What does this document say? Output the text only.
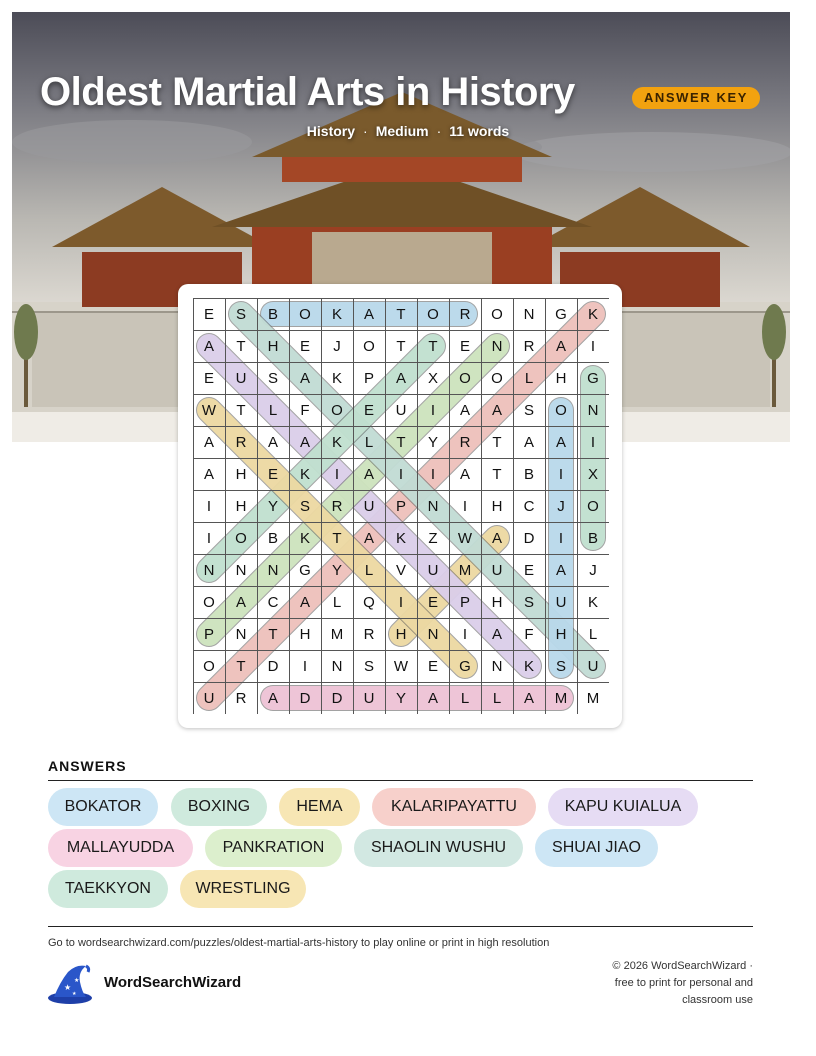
Oldest Martial Arts in History	ANSWER KEY
History · Medium · 11 words
E S B O K A T O R O N G K
A T H E J O T T E N R A I
E U S A K P A X O O L H G
W T L F O E U I A A S O N
A R A A K L T Y R T A A I
A H E K I A I I A T B I X
I H Y S R U P N I H C J O
I O B K T A K Z W A D I B
N N N G Y L V U M U E A J
O A C A L Q I E P H S U K
P N T H M R H N I A F H L
O T D I N S W E G N K S U
U R A D D U Y A L L A M M
ANSWERS
BOKATOR	BOXING	HEMA	KALARIPAYATTU	KAPU KUIALUA
MALLAYUDDA	PANKRATION	SHAOLIN WUSHU	SHUAI JIAO
TAEKKYON	WRESTLING
Go to wordsearchwizard.com/puzzles/oldest-martial-arts-history to play online or print in high resolution
★
★
★
WordSearchWizard
© 2026 WordSearchWizard ·
free to print for personal and
classroom use
